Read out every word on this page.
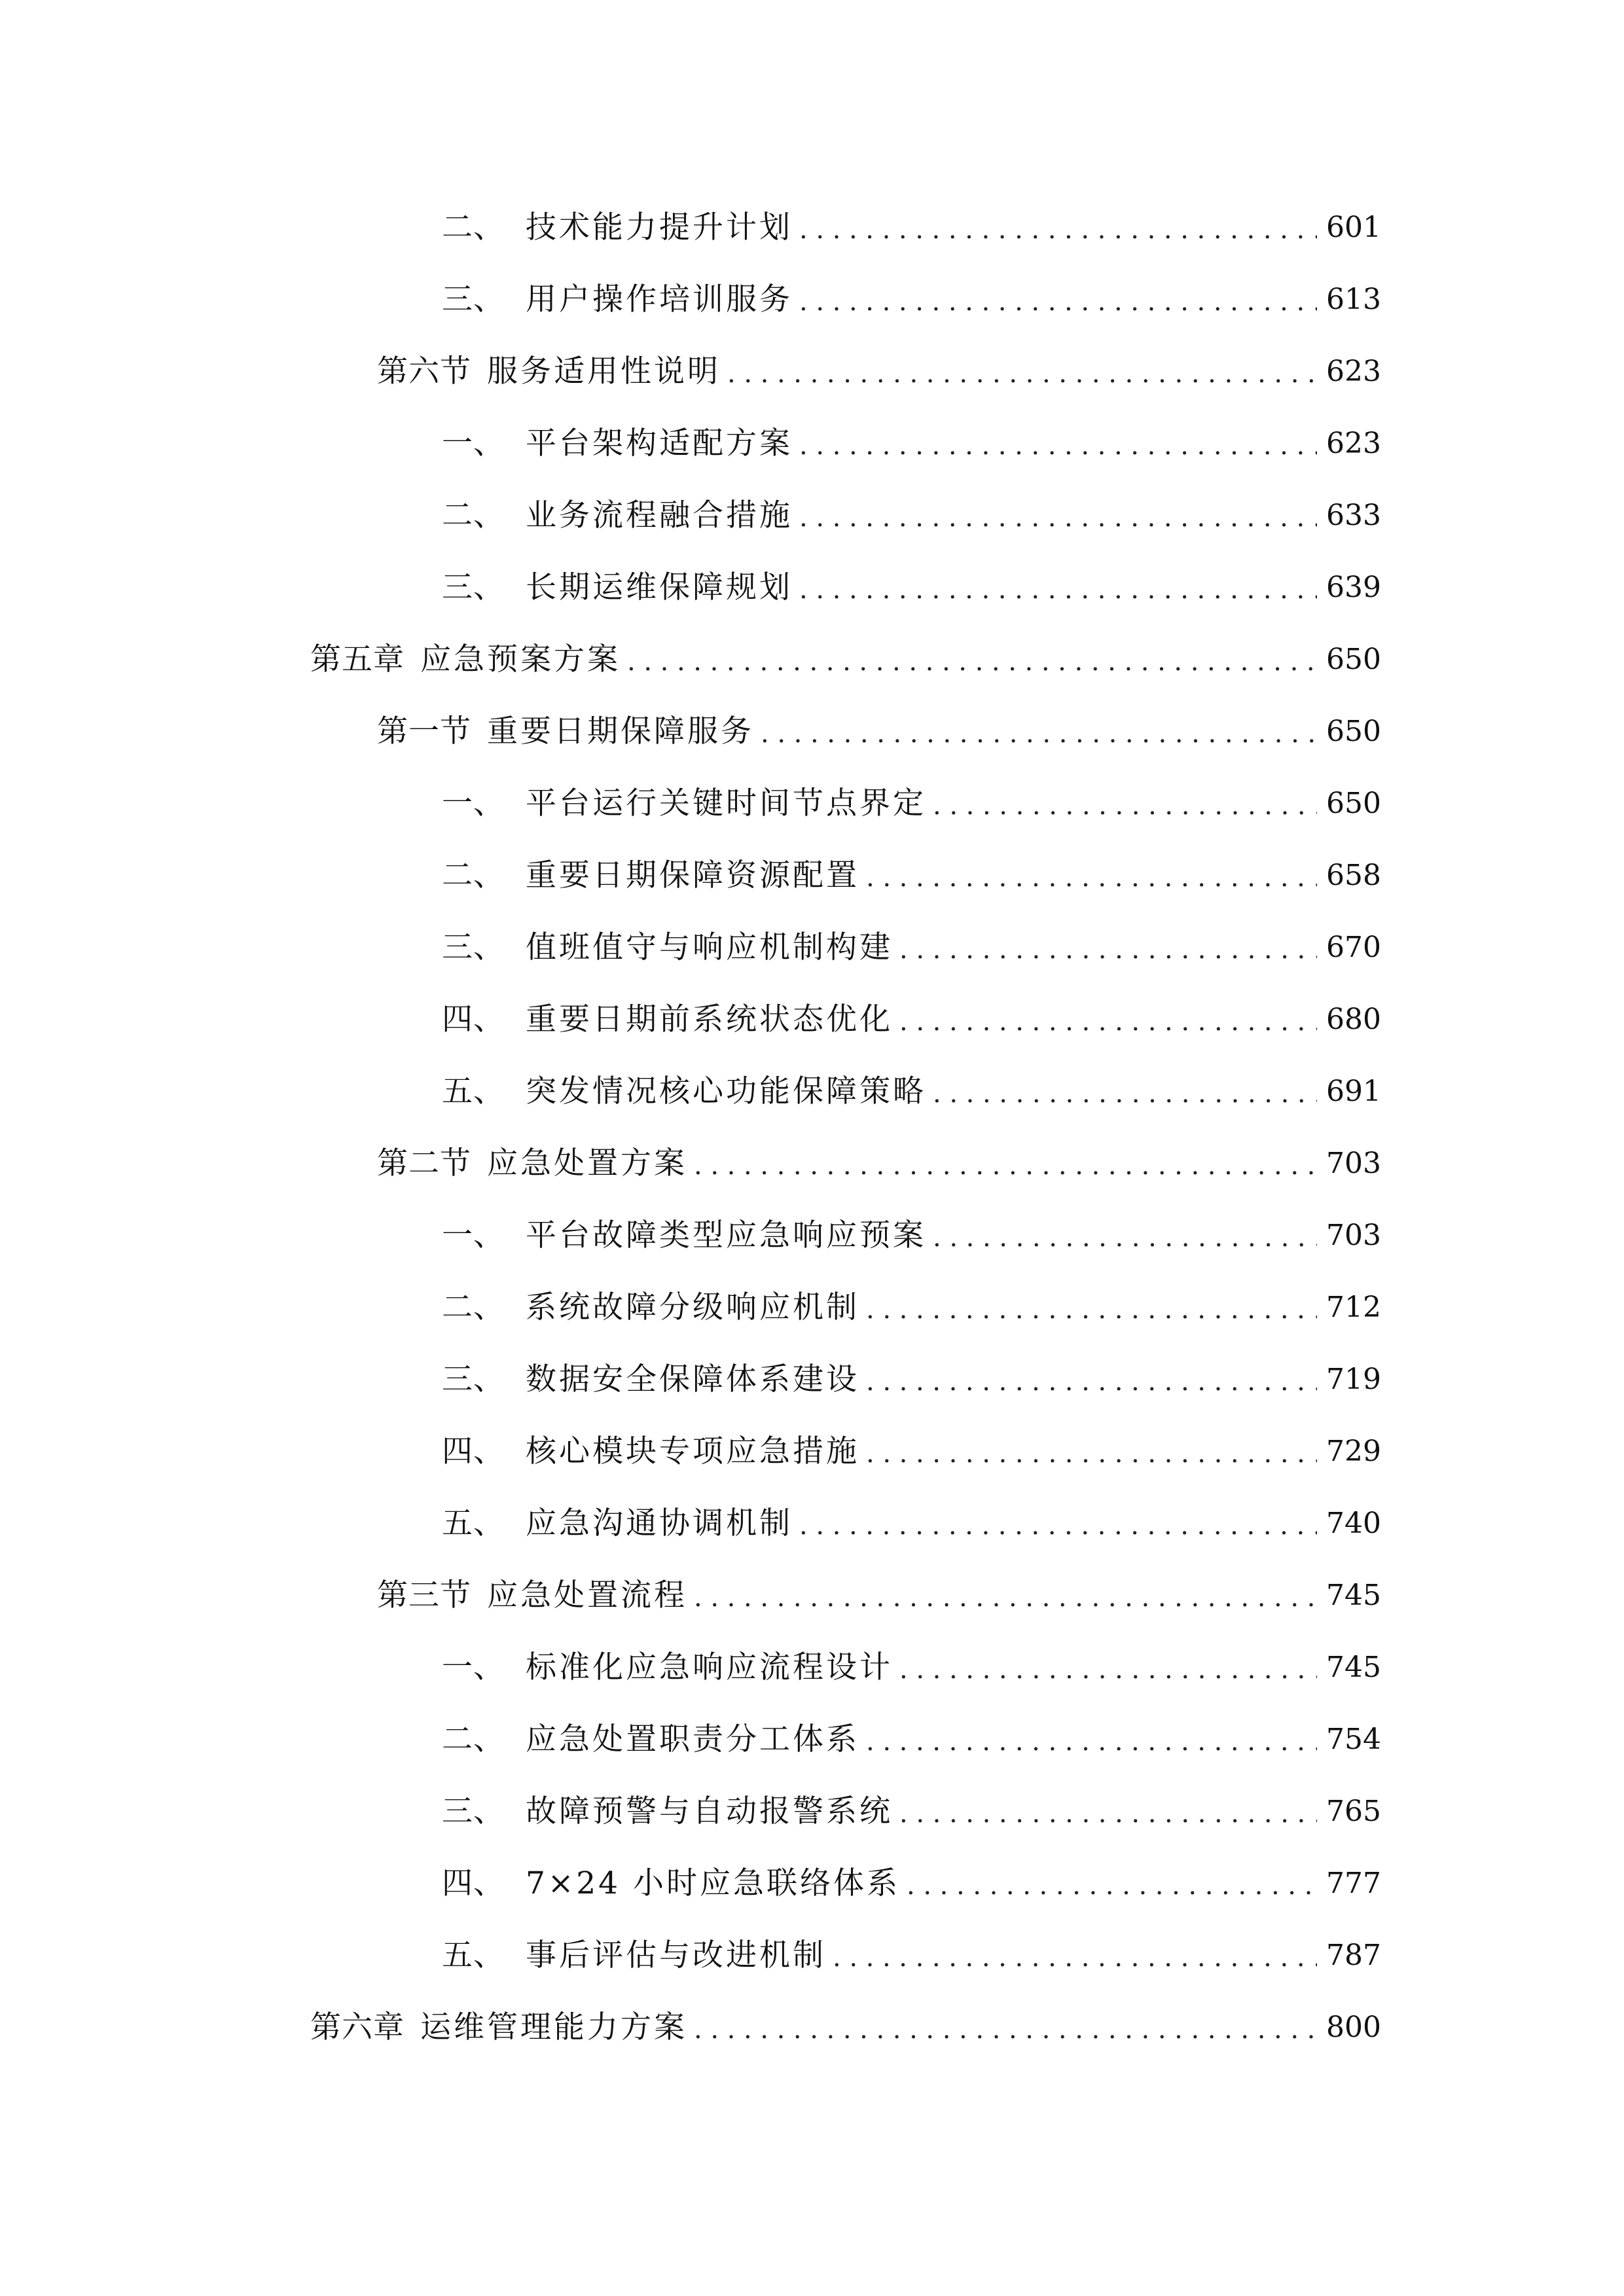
二、 技术能力提升计划 .....	601
三、 用户操作培训服务 .....	613
第六节 服务适用性说明 .....	623
一、 平台架构适配方案 .....	623
二、 业务流程融合措施 .....	633
三、 长期运维保障规划 .....	639
第五章 应急预案方案 .....	650
第一节 重要日期保障服务 .....	650
一、 平台运行关键时间节点界定 .....	650
二、 重要日期保障资源配置 .....	658
三、 值班值守与响应机制构建 .....	670
四、 重要日期前系统状态优化 .....	680
五、 突发情况核心功能保障策略 .....	691
第二节 应急处置方案 .....	703
一、 平台故障类型应急响应预案 .....	703
二、 系统故障分级响应机制 .....	712
三、 数据安全保障体系建设 .....	719
四、 核心模块专项应急措施 .....	729
五、 应急沟通协调机制 .....	740
第三节 应急处置流程 .....	745
一、 标准化应急响应流程设计 .....	745
二、 应急处置职责分工体系 .....	754
三、 故障预警与自动报警系统 .....	765
四、 7×24 小时应急联络体系 .....	777
五、 事后评估与改进机制 .....	787
第六章 运维管理能力方案 .....	800
